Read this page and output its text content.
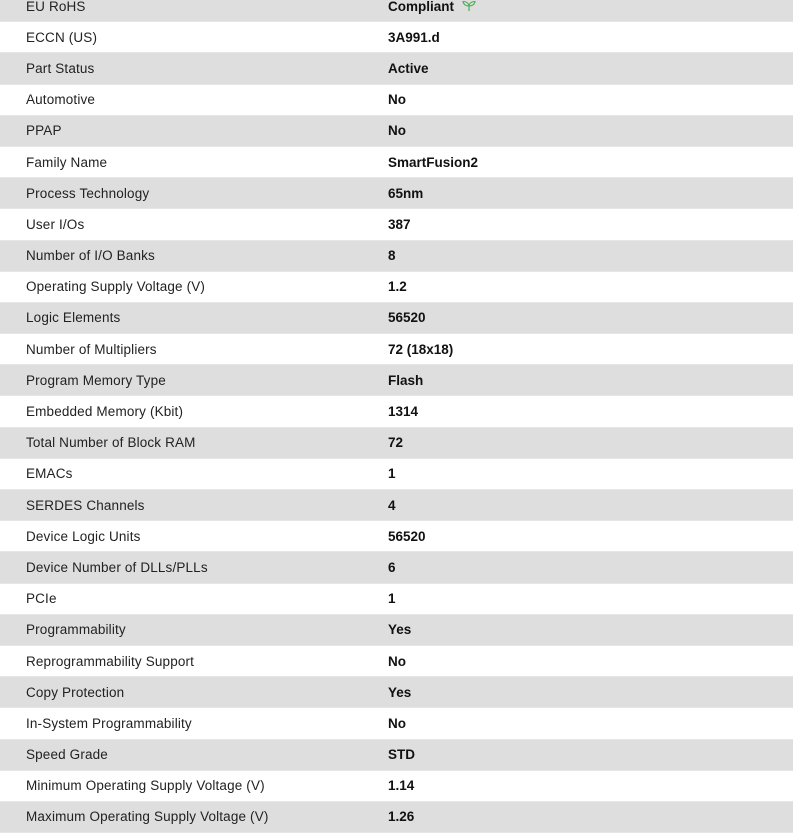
EU RoHS	Compliant
ECCN (US)	3A991.d
Part Status	Active
Automotive	No
PPAP	No
Family Name	SmartFusion2
Process Technology	65nm
User I/Os	387
Number of I/O Banks	8
Operating Supply Voltage (V)	1.2
Logic Elements	56520
Number of Multipliers	72 (18x18)
Program Memory Type	Flash
Embedded Memory (Kbit)	1314
Total Number of Block RAM	72
EMACs	1
SERDES Channels	4
Device Logic Units	56520
Device Number of DLLs/PLLs	6
PCIe	1
Programmability	Yes
Reprogrammability Support	No
Copy Protection	Yes
In-System Programmability	No
Speed Grade	STD
Minimum Operating Supply Voltage (V)	1.14
Maximum Operating Supply Voltage (V)	1.26
